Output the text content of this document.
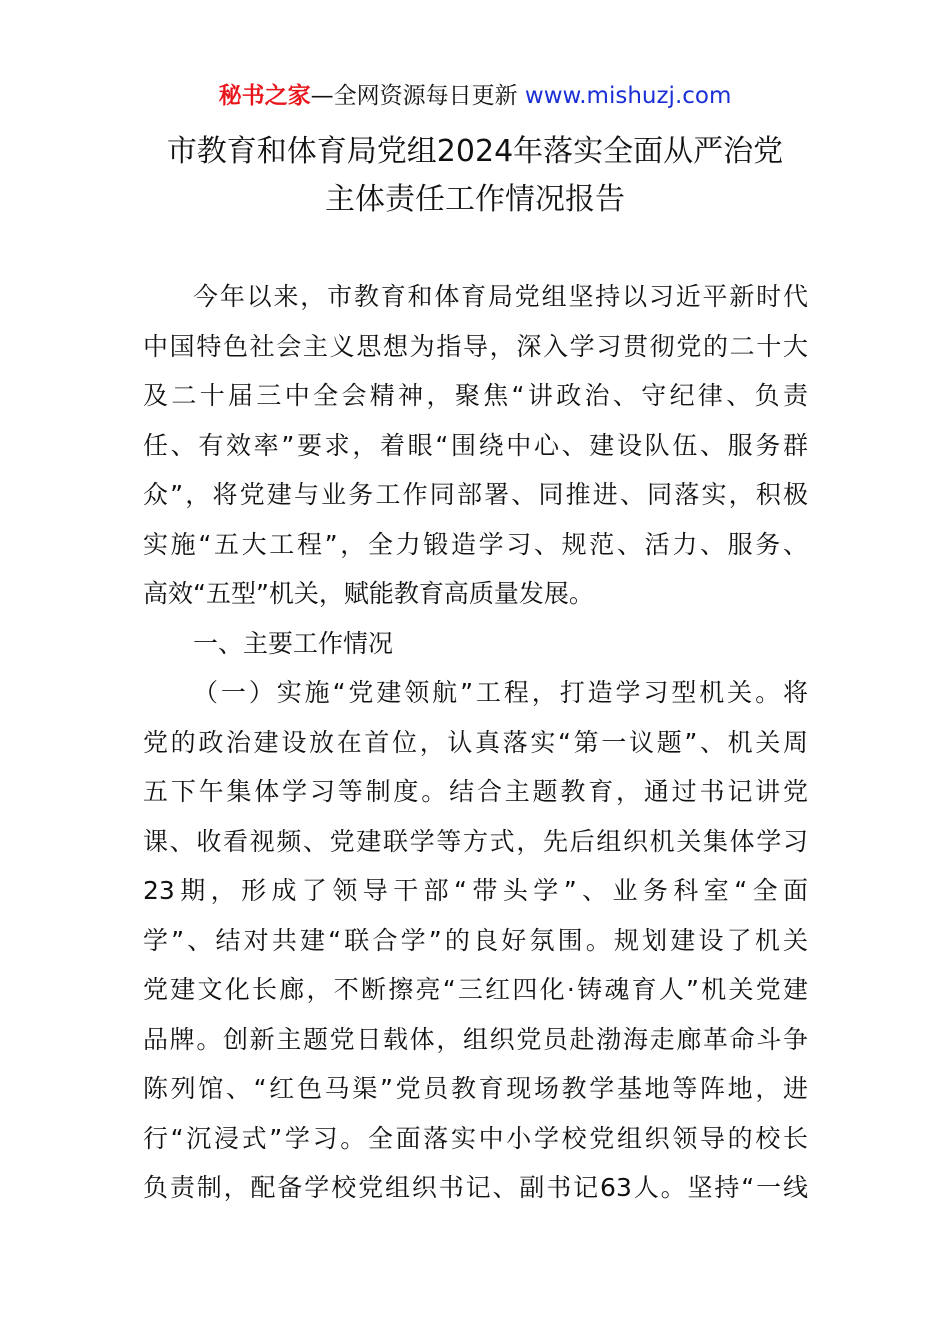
秘书之家—全网资源每日更新 www.mishuzj.com
市教育和体育局党组2024年落实全面从严治党
主体责任工作情况报告
今年以来，市教育和体育局党组坚持以习近平新时代
中国特色社会主义思想为指导，深入学习贯彻党的二十大
及二十届三中全会精神，聚焦“讲政治、守纪律、负责
任、有效率”要求，着眼“围绕中心、建设队伍、服务群
众”，将党建与业务工作同部署、同推进、同落实，积极
实施“五大工程”，全力锻造学习、规范、活力、服务、
高效“五型”机关，赋能教育高质量发展。
一、主要工作情况
（一）实施“党建领航”工程，打造学习型机关。将
党的政治建设放在首位，认真落实“第一议题”、机关周
五下午集体学习等制度。结合主题教育，通过书记讲党
课、收看视频、党建联学等方式，先后组织机关集体学习
23期，形成了领导干部“带头学”、业务科室“全面
学”、结对共建“联合学”的良好氛围。规划建设了机关
党建文化长廊，不断擦亮“三红四化·铸魂育人”机关党建
品牌。创新主题党日载体，组织党员赴渤海走廊革命斗争
陈列馆、“红色马渠”党员教育现场教学基地等阵地，进
行“沉浸式”学习。全面落实中小学校党组织领导的校长
负责制，配备学校党组织书记、副书记63人。坚持“一线
